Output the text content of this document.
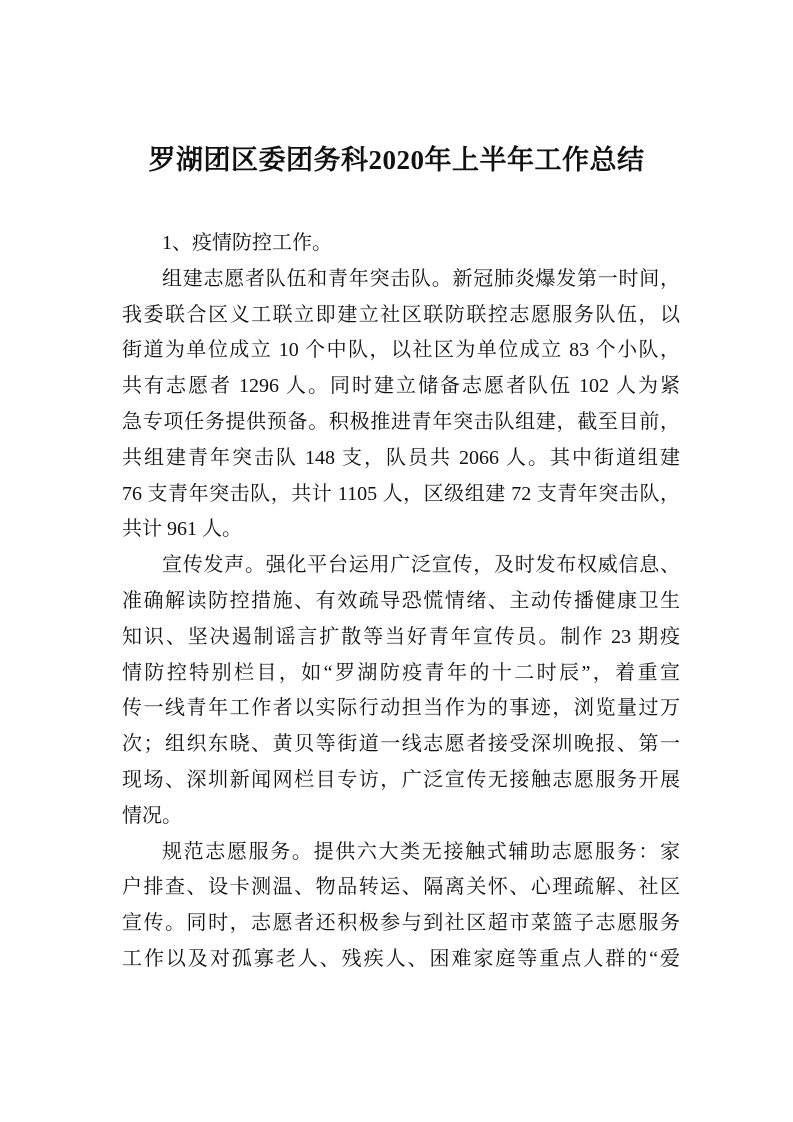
罗湖团区委团务科2020年上半年工作总结
1、疫情防控工作。
组建志愿者队伍和青年突击队。新冠肺炎爆发第一时间，
我委联合区义工联立即建立社区联防联控志愿服务队伍，以
街道为单位成立 10 个中队，以社区为单位成立 83 个小队，
共有志愿者 1296 人。同时建立储备志愿者队伍 102 人为紧
急专项任务提供预备。积极推进青年突击队组建，截至目前，
共组建青年突击队 148 支，队员共 2066 人。其中街道组建
76 支青年突击队，共计 1105 人，区级组建 72 支青年突击队，
共计 961 人。
宣传发声。强化平台运用广泛宣传，及时发布权威信息、
准确解读防控措施、有效疏导恐慌情绪、主动传播健康卫生
知识、坚决遏制谣言扩散等当好青年宣传员。制作 23 期疫
情防控特别栏目，如“罗湖防疫青年的十二时辰”，着重宣
传一线青年工作者以实际行动担当作为的事迹，浏览量过万
次；组织东晓、黄贝等街道一线志愿者接受深圳晚报、第一
现场、深圳新闻网栏目专访，广泛宣传无接触志愿服务开展
情况。
规范志愿服务。提供六大类无接触式辅助志愿服务：家
户排查、设卡测温、物品转运、隔离关怀、心理疏解、社区
宣传。同时，志愿者还积极参与到社区超市菜篮子志愿服务
工作以及对孤寡老人、残疾人、困难家庭等重点人群的“爱
